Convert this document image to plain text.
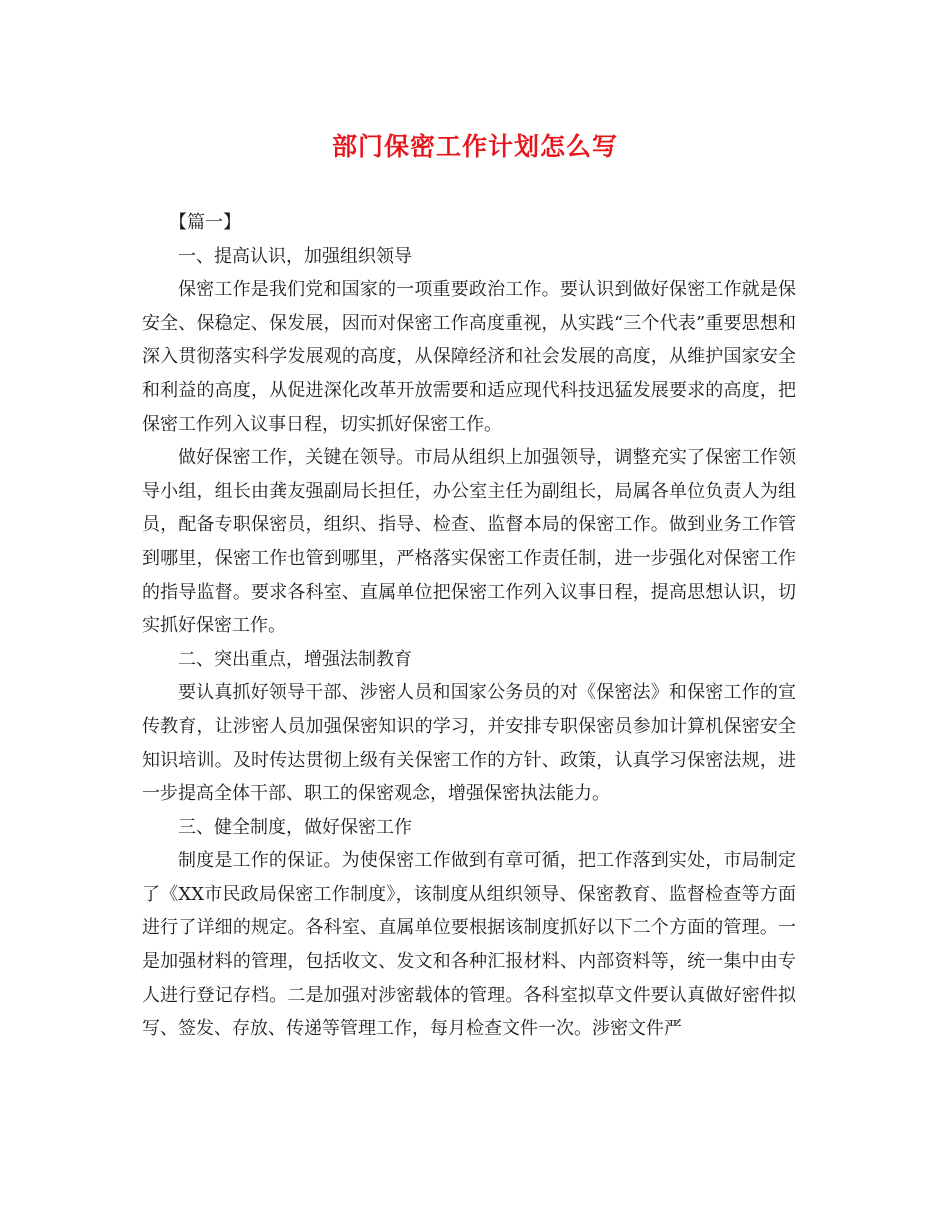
部门保密工作计划怎么写

【篇一】

一、提高认识，加强组织领导

保密工作是我们党和国家的一项重要政治工作。要认识到做好保密工作就是保安全、保稳定、保发展，因而对保密工作高度重视，从实践“三个代表”重要思想和深入贯彻落实科学发展观的高度，从保障经济和社会发展的高度，从维护国家安全和利益的高度，从促进深化改革开放需要和适应现代科技迅猛发展要求的高度，把保密工作列入议事日程，切实抓好保密工作。

做好保密工作，关键在领导。市局从组织上加强领导，调整充实了保密工作领导小组，组长由龚友强副局长担任，办公室主任为副组长，局属各单位负责人为组员，配备专职保密员，组织、指导、检查、监督本局的保密工作。做到业务工作管到哪里，保密工作也管到哪里，严格落实保密工作责任制，进一步强化对保密工作的指导监督。要求各科室、直属单位把保密工作列入议事日程，提高思想认识，切实抓好保密工作。

二、突出重点，增强法制教育

要认真抓好领导干部、涉密人员和国家公务员的对《保密法》和保密工作的宣传教育，让涉密人员加强保密知识的学习，并安排专职保密员参加计算机保密安全知识培训。及时传达贯彻上级有关保密工作的方针、政策，认真学习保密法规，进一步提高全体干部、职工的保密观念，增强保密执法能力。

三、健全制度，做好保密工作

制度是工作的保证。为使保密工作做到有章可循，把工作落到实处，市局制定了《XX市民政局保密工作制度》，该制度从组织领导、保密教育、监督检查等方面进行了详细的规定。各科室、直属单位要根据该制度抓好以下二个方面的管理。一是加强材料的管理，包括收文、发文和各种汇报材料、内部资料等，统一集中由专人进行登记存档。二是加强对涉密载体的管理。各科室拟草文件要认真做好密件拟写、签发、存放、传递等管理工作，每月检查文件一次。涉密文件严
